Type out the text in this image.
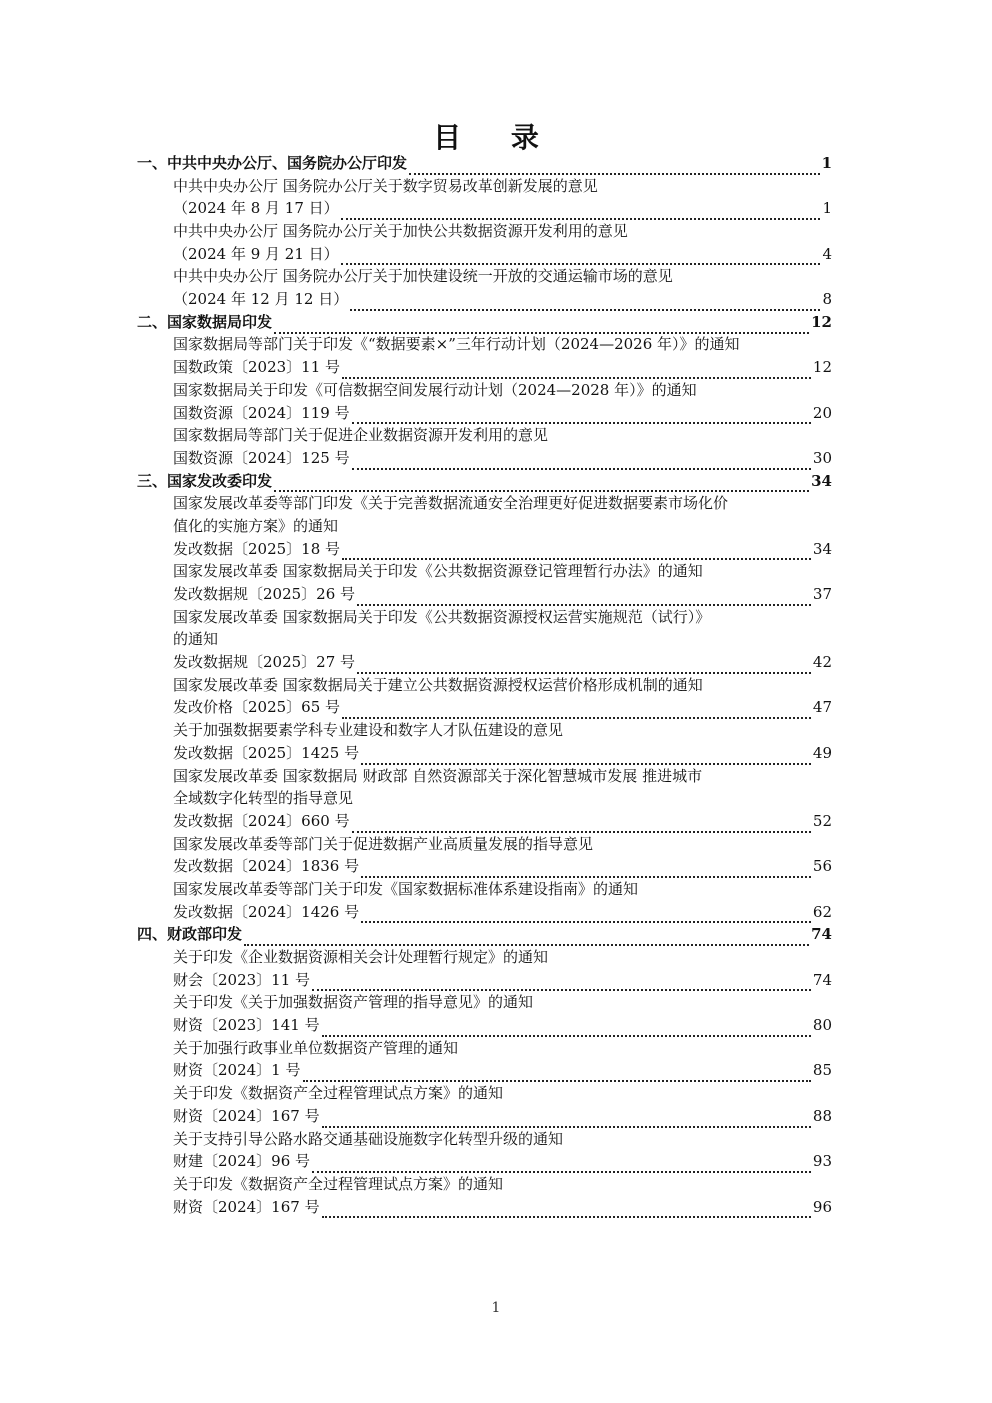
目 录
一、中共中央办公厅、国务院办公厅印发	1
中共中央办公厅 国务院办公厅关于数字贸易改革创新发展的意见
（2024 年 8 月 17 日）	1
中共中央办公厅 国务院办公厅关于加快公共数据资源开发利用的意见
（2024 年 9 月 21 日）	4
中共中央办公厅 国务院办公厅关于加快建设统一开放的交通运输市场的意见
（2024 年 12 月 12 日）	8
二、国家数据局印发	12
国家数据局等部门关于印发《“数据要素×”三年行动计划（2024—2026 年）》的通知
国数政策〔2023〕11 号	12
国家数据局关于印发《可信数据空间发展行动计划（2024—2028 年）》的通知
国数资源〔2024〕119 号	20
国家数据局等部门关于促进企业数据资源开发利用的意见
国数资源〔2024〕125 号	30
三、国家发改委印发	34
国家发展改革委等部门印发《关于完善数据流通安全治理更好促进数据要素市场化价
值化的实施方案》的通知
发改数据〔2025〕18 号	34
国家发展改革委 国家数据局关于印发《公共数据资源登记管理暂行办法》的通知
发改数据规〔2025〕26 号	37
国家发展改革委 国家数据局关于印发《公共数据资源授权运营实施规范（试行）》
的通知
发改数据规〔2025〕27 号	42
国家发展改革委 国家数据局关于建立公共数据资源授权运营价格形成机制的通知
发改价格〔2025〕65 号	47
关于加强数据要素学科专业建设和数字人才队伍建设的意见
发改数据〔2025〕1425 号	49
国家发展改革委 国家数据局 财政部 自然资源部关于深化智慧城市发展 推进城市
全域数字化转型的指导意见
发改数据〔2024〕660 号	52
国家发展改革委等部门关于促进数据产业高质量发展的指导意见
发改数据〔2024〕1836 号	56
国家发展改革委等部门关于印发《国家数据标准体系建设指南》的通知
发改数据〔2024〕1426 号	62
四、财政部印发	74
关于印发《企业数据资源相关会计处理暂行规定》的通知
财会〔2023〕11 号	74
关于印发《关于加强数据资产管理的指导意见》的通知
财资〔2023〕141 号	80
关于加强行政事业单位数据资产管理的通知
财资〔2024〕1 号	85
关于印发《数据资产全过程管理试点方案》的通知
财资〔2024〕167 号	88
关于支持引导公路水路交通基础设施数字化转型升级的通知
财建〔2024〕96 号	93
关于印发《数据资产全过程管理试点方案》的通知
财资〔2024〕167 号	96
1
